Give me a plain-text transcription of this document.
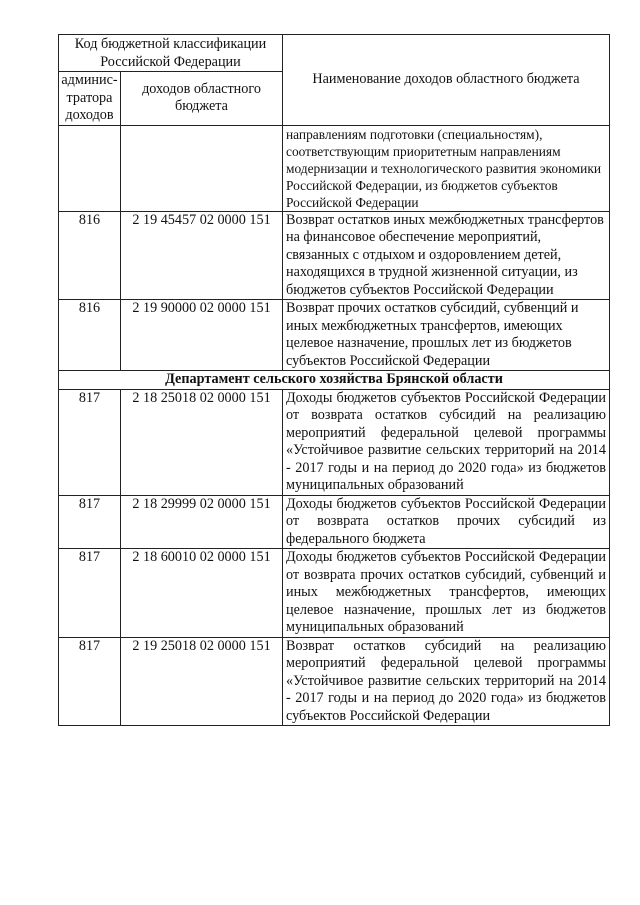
Код бюджетной классификации Российской Федерации		Наименование доходов областного бюджета
админис-тратора доходов	доходов областного бюджета	
		направлениям подготовки (специальностям), соответствующим приоритетным направлениям модернизации и технологического развития экономики Российской Федерации, из бюджетов субъектов Российской Федерации
816	2 19 45457 02 0000 151	Возврат остатков иных межбюджетных трансфертов на финансовое обеспечение мероприятий, связанных с отдыхом и оздоровлением детей, находящихся в трудной жизненной ситуации, из бюджетов субъектов Российской Федерации
816	2 19 90000 02 0000 151	Возврат прочих остатков субсидий, субвенций и иных межбюджетных трансфертов, имеющих целевое назначение, прошлых лет из бюджетов субъектов Российской Федерации
Департамент сельского хозяйства Брянской области		
817	2 18 25018 02 0000 151	Доходы бюджетов субъектов Российской Федерации от возврата остатков субсидий на реализацию мероприятий федеральной целевой программы «Устойчивое развитие сельских территорий на 2014 - 2017 годы и на период до 2020 года» из бюджетов муниципальных образований
817	2 18 29999 02 0000 151	Доходы бюджетов субъектов Российской Федерации от возврата остатков прочих субсидий из федерального бюджета
817	2 18 60010 02 0000 151	Доходы бюджетов субъектов Российской Федерации от возврата прочих остатков субсидий, субвенций и иных межбюджетных трансфертов, имеющих целевое назначение, прошлых лет из бюджетов муниципальных образований
817	2 19 25018 02 0000 151	Возврат остатков субсидий на реализацию мероприятий федеральной целевой программы «Устойчивое развитие сельских территорий на 2014 - 2017 годы и на период до 2020 года» из бюджетов субъектов Российской Федерации
